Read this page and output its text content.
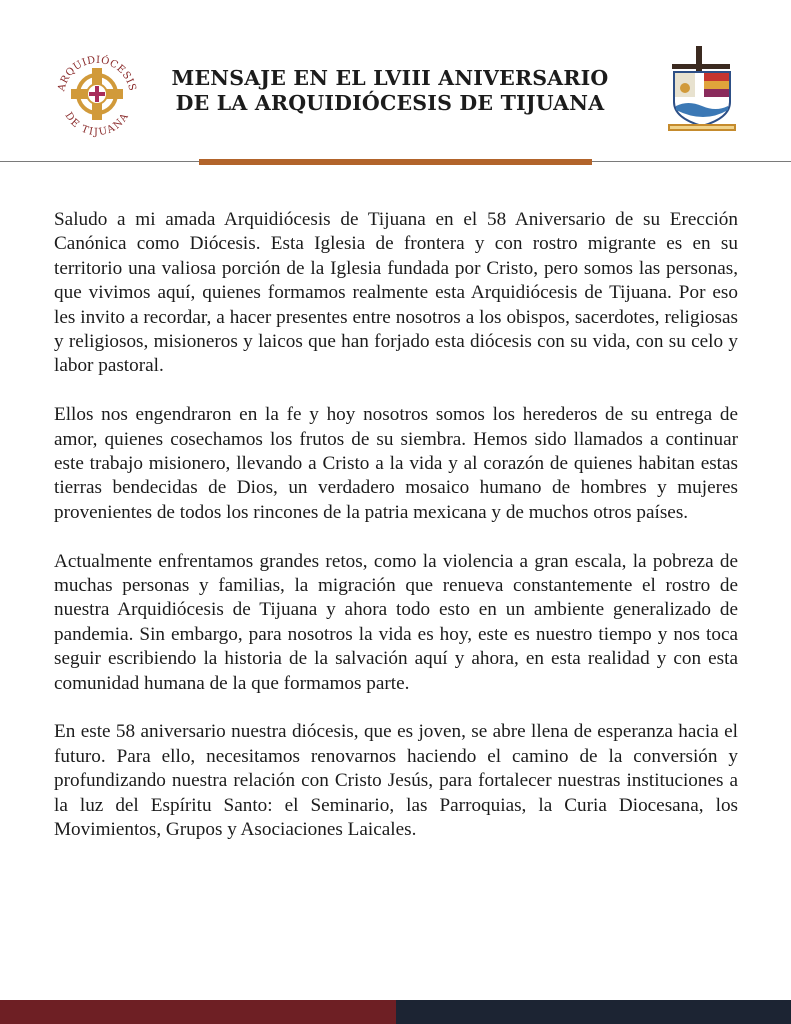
ARQUIDIÓCESIS
DE TIJUANA
MENSAJE EN EL LVIII ANIVERSARIO
DE LA ARQUIDIÓCESIS DE TIJUANA

Saludo a mi amada Arquidiócesis de Tijuana en el 58 Aniversario de su Erección Canónica como Diócesis. Esta Iglesia de frontera y con rostro migrante es en su territorio una valiosa porción de la Iglesia fundada por Cristo, pero somos las personas, que vivimos aquí, quienes formamos realmente esta Arquidiócesis de Tijuana. Por eso les invito a recordar, a hacer presentes entre nosotros a los obispos, sacerdotes, religiosas y religiosos, misioneros y laicos que han forjado esta diócesis con su vida, con su celo y labor pastoral.

Ellos nos engendraron en la fe y hoy nosotros somos los herederos de su entrega de amor, quienes cosechamos los frutos de su siembra. Hemos sido llamados a continuar este trabajo misionero, llevando a Cristo a la vida y al corazón de quienes habitan estas tierras bendecidas de Dios, un verdadero mosaico humano de hombres y mujeres provenientes de todos los rincones de la patria mexicana y de muchos otros países.

Actualmente enfrentamos grandes retos, como la violencia a gran escala, la pobreza de muchas personas y familias, la migración que renueva constantemente el rostro de nuestra Arquidiócesis de Tijuana y ahora todo esto en un ambiente generalizado de pandemia. Sin embargo, para nosotros la vida es hoy, este es nuestro tiempo y nos toca seguir escribiendo la historia de la salvación aquí y ahora, en esta realidad y con esta comunidad humana de la que formamos parte.

En este 58 aniversario nuestra diócesis, que es joven, se abre llena de esperanza hacia el futuro. Para ello, necesitamos renovarnos haciendo el camino de la conversión y profundizando nuestra relación con Cristo Jesús, para fortalecer nuestras instituciones a la luz del Espíritu Santo: el Seminario, las Parroquias, la Curia Diocesana, los Movimientos, Grupos y Asociaciones Laicales.
